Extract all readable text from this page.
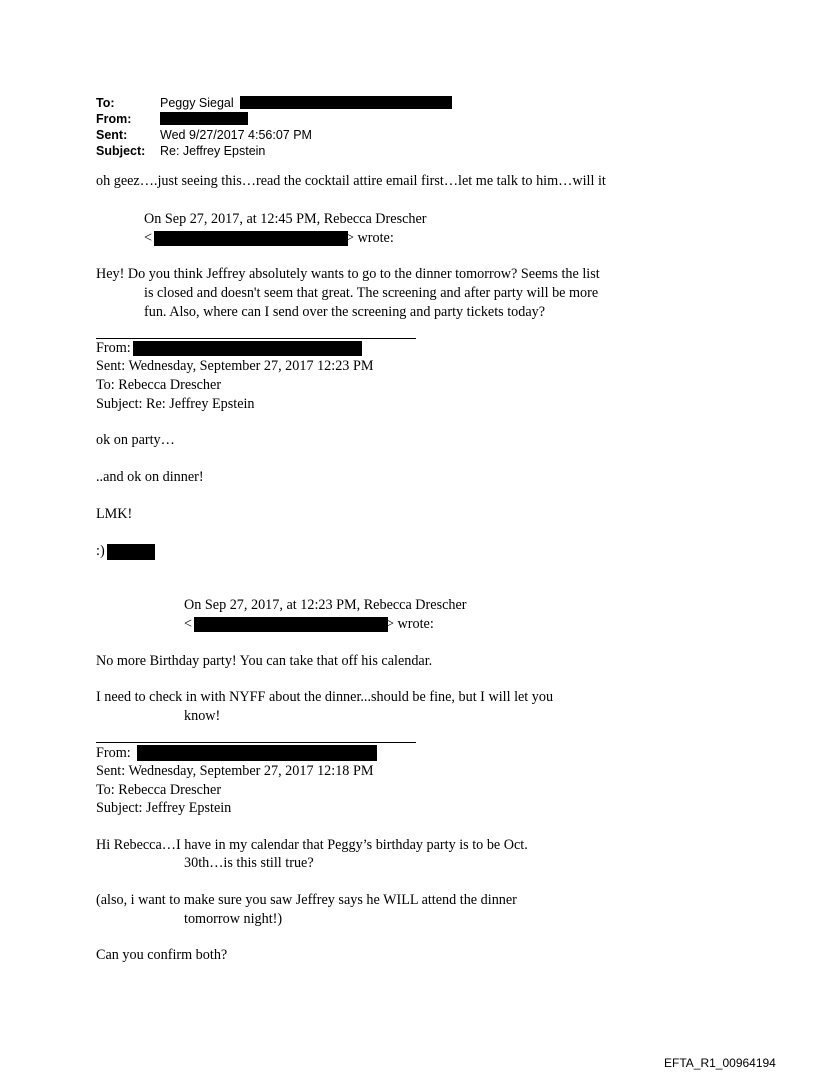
To:	Peggy Siegal
From:
Sent:	Wed 9/27/2017 4:56:07 PM
Subject: Re: Jeffrey Epstein
oh geez….just seeing this…read the cocktail attire email first…let me talk to him…will it
On Sep 27, 2017, at 12:45 PM, Rebecca Drescher
<	> wrote:
Hey! Do you think Jeffrey absolutely wants to go to the dinner tomorrow? Seems the list
is closed and doesn't seem that great. The screening and after party will be more
fun. Also, where can I send over the screening and party tickets today?
From:
Sent: Wednesday, September 27, 2017 12:23 PM
To: Rebecca Drescher
Subject: Re: Jeffrey Epstein
ok on party…
..and ok on dinner!
LMK!
:)
On Sep 27, 2017, at 12:23 PM, Rebecca Drescher
<	> wrote:
No more Birthday party! You can take that off his calendar.
I need to check in with NYFF about the dinner...should be fine, but I will let you
know!
From:
Sent: Wednesday, September 27, 2017 12:18 PM
To: Rebecca Drescher
Subject: Jeffrey Epstein
Hi Rebecca…I have in my calendar that Peggy’s birthday party is to be Oct.
30th…is this still true?
(also, i want to make sure you saw Jeffrey says he WILL attend the dinner
tomorrow night!)
Can you confirm both?
EFTA_R1_00964194
